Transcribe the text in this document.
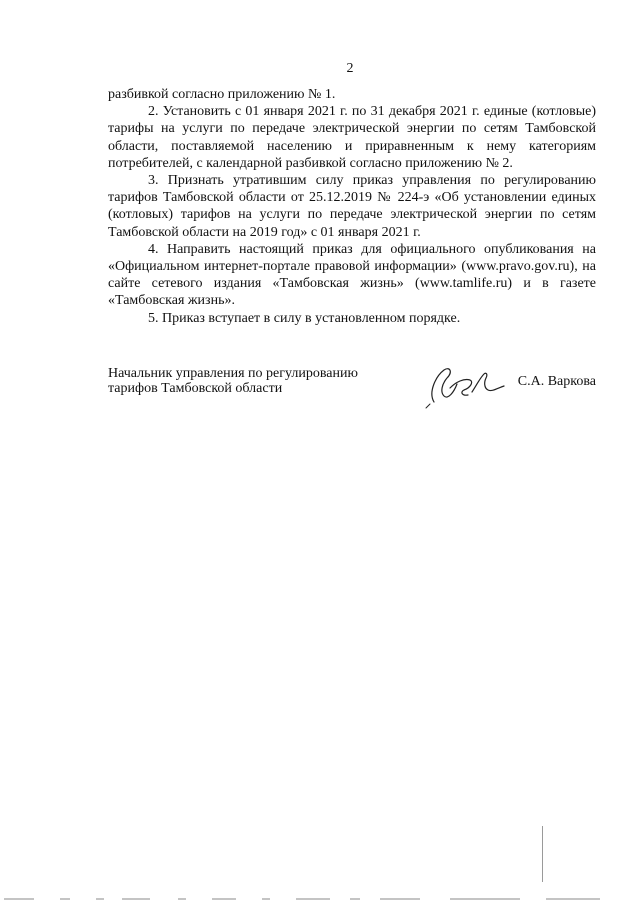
2

разбивкой согласно приложению № 1.

2. Установить с 01 января 2021 г. по 31 декабря 2021 г. единые (котловые) тарифы на услуги по передаче электрической энергии по сетям Тамбовской области, поставляемой населению и приравненным к нему категориям потребителей, с календарной разбивкой согласно приложению № 2.

3. Признать утратившим силу приказ управления по регулированию тарифов Тамбовской области от 25.12.2019 № 224-э «Об установлении единых (котловых) тарифов на услуги по передаче электрической энергии по сетям Тамбовской области на 2019 год» с 01 января 2021 г.

4. Направить настоящий приказ для официального опубликования на «Официальном интернет-портале правовой информации» (www.pravo.gov.ru), на сайте сетевого издания «Тамбовская жизнь» (www.tamlife.ru) и в газете «Тамбовская жизнь».

5. Приказ вступает в силу в установленном порядке.

Начальник управления по регулированию
тарифов Тамбовской области	С.А. Варкова
